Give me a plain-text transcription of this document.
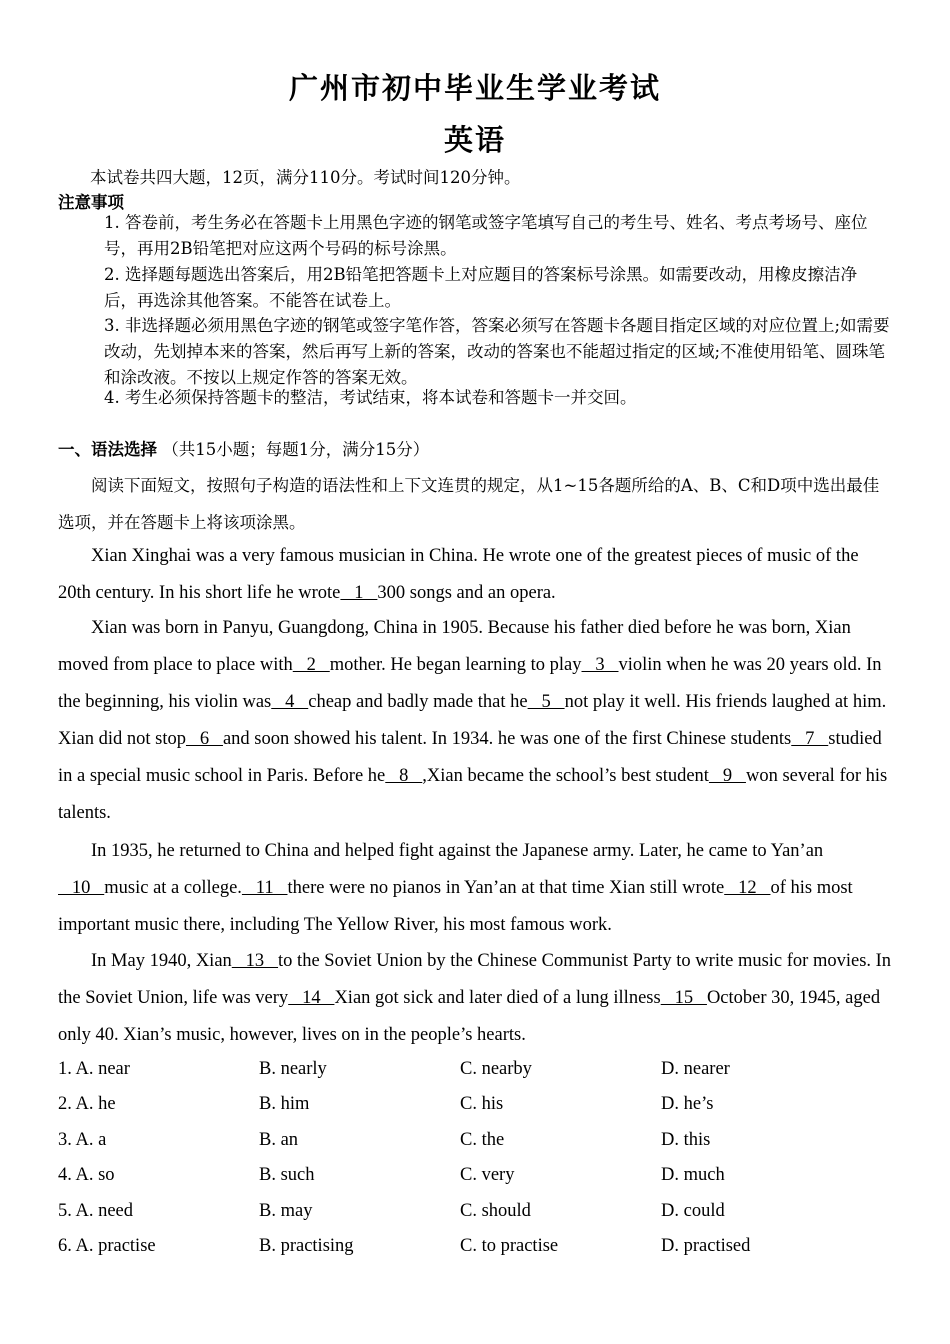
广州市初中毕业生学业考试
英语
本试卷共四大题，12页，满分110分。考试时间120分钟。
注意事项
1. 答卷前，考生务必在答题卡上用黑色字迹的钢笔或签字笔填写自己的考生号、姓名、考点考场号、座位号，再用2B铅笔把对应这两个号码的标号涂黑。
2. 选择题每题选出答案后，用2B铅笔把答题卡上对应题目的答案标号涂黑。如需要改动，用橡皮擦洁净后，再选涂其他答案。不能答在试卷上。
3. 非选择题必须用黑色字迹的钢笔或签字笔作答，答案必须写在答题卡各题目指定区域的对应位置上;如需要改动，先划掉本来的答案，然后再写上新的答案，改动的答案也不能超过指定的区域;不准使用铅笔、圆珠笔和涂改液。不按以上规定作答的答案无效。
4. 考生必须保持答题卡的整洁，考试结束，将本试卷和答题卡一并交回。
一、语法选择 （共15小题；每题1分，满分15分）
阅读下面短文，按照句子构造的语法性和上下文连贯的规定，从1~15各题所给的A、B、C和D项中选出最佳选项，并在答题卡上将该项涂黑。
Xian Xinghai was a very famous musician in China. He wrote one of the greatest pieces of music of the 20th century. In his short life he wrote   1   300 songs and an opera.
Xian was born in Panyu, Guangdong, China in 1905. Because his father died before he was born, Xian moved from place to place with   2   mother. He began learning to play   3   violin when he was 20 years old. In the beginning, his violin was   4   cheap and badly made that he   5   not play it well. His friends laughed at him. Xian did not stop   6   and soon showed his talent. In 1934. he was one of the first Chinese students   7   studied in a special music school in Paris. Before he   8   ,Xian became the school’s best student   9   won several for his talents.
In 1935, he returned to China and helped fight against the Japanese army. Later, he came to Yan’an   10   music at a college.   11   there were no pianos in Yan’an at that time Xian still wrote   12   of his most important music there, including The Yellow River, his most famous work.
In May 1940, Xian   13   to the Soviet Union by the Chinese Communist Party to write music for movies. In the Soviet Union, life was very   14   Xian got sick and later died of a lung illness   15   October 30, 1945, aged only 40. Xian’s music, however, lives on in the people’s hearts.
1. A. near	B. nearly	C. nearby	D. nearer
2. A. he	B. him	C. his	D. he’s
3. A. a	B. an	C. the	D. this
4. A. so	B. such	C. very	D. much
5. A. need	B. may	C. should	D. could
6. A. practise	B. practising	C. to practise	D. practised
